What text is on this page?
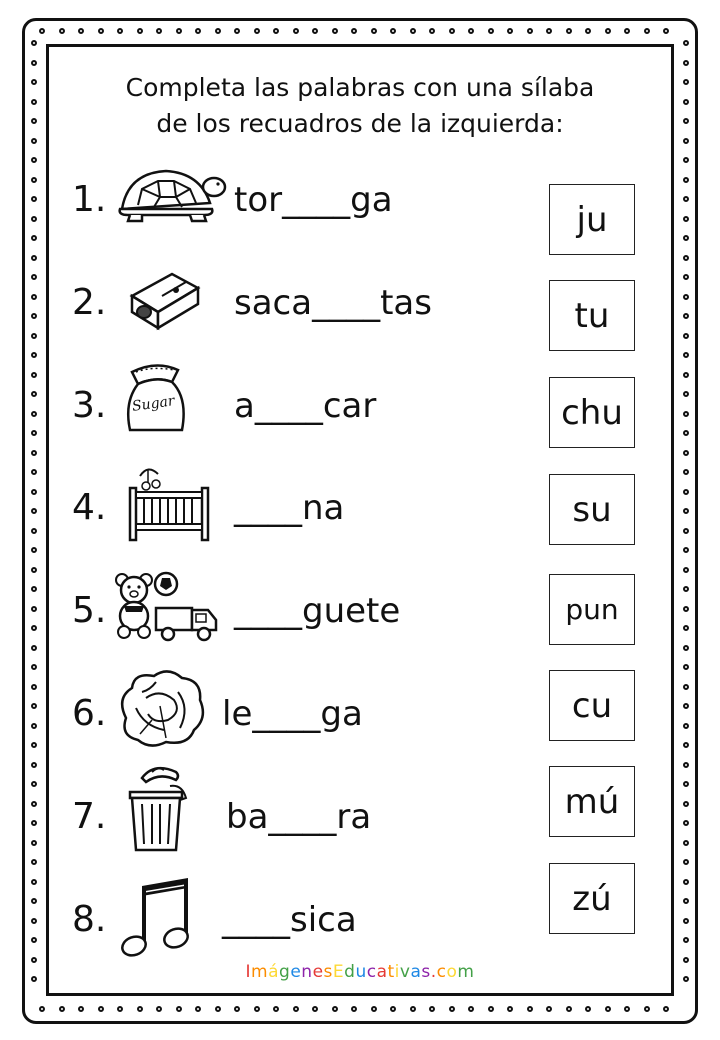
Completa las palabras con una sílaba
de los recuadros de la izquierda:
1.	tor____ga
2.	saca____tas
3. Sugar a____car
4.	____na
5.	____guete
6.	le____ga
7.	ba____ra
8.	____sica
ju
tu
chu
su
pun
cu
mú
zú
ImágenesEducativas.com
